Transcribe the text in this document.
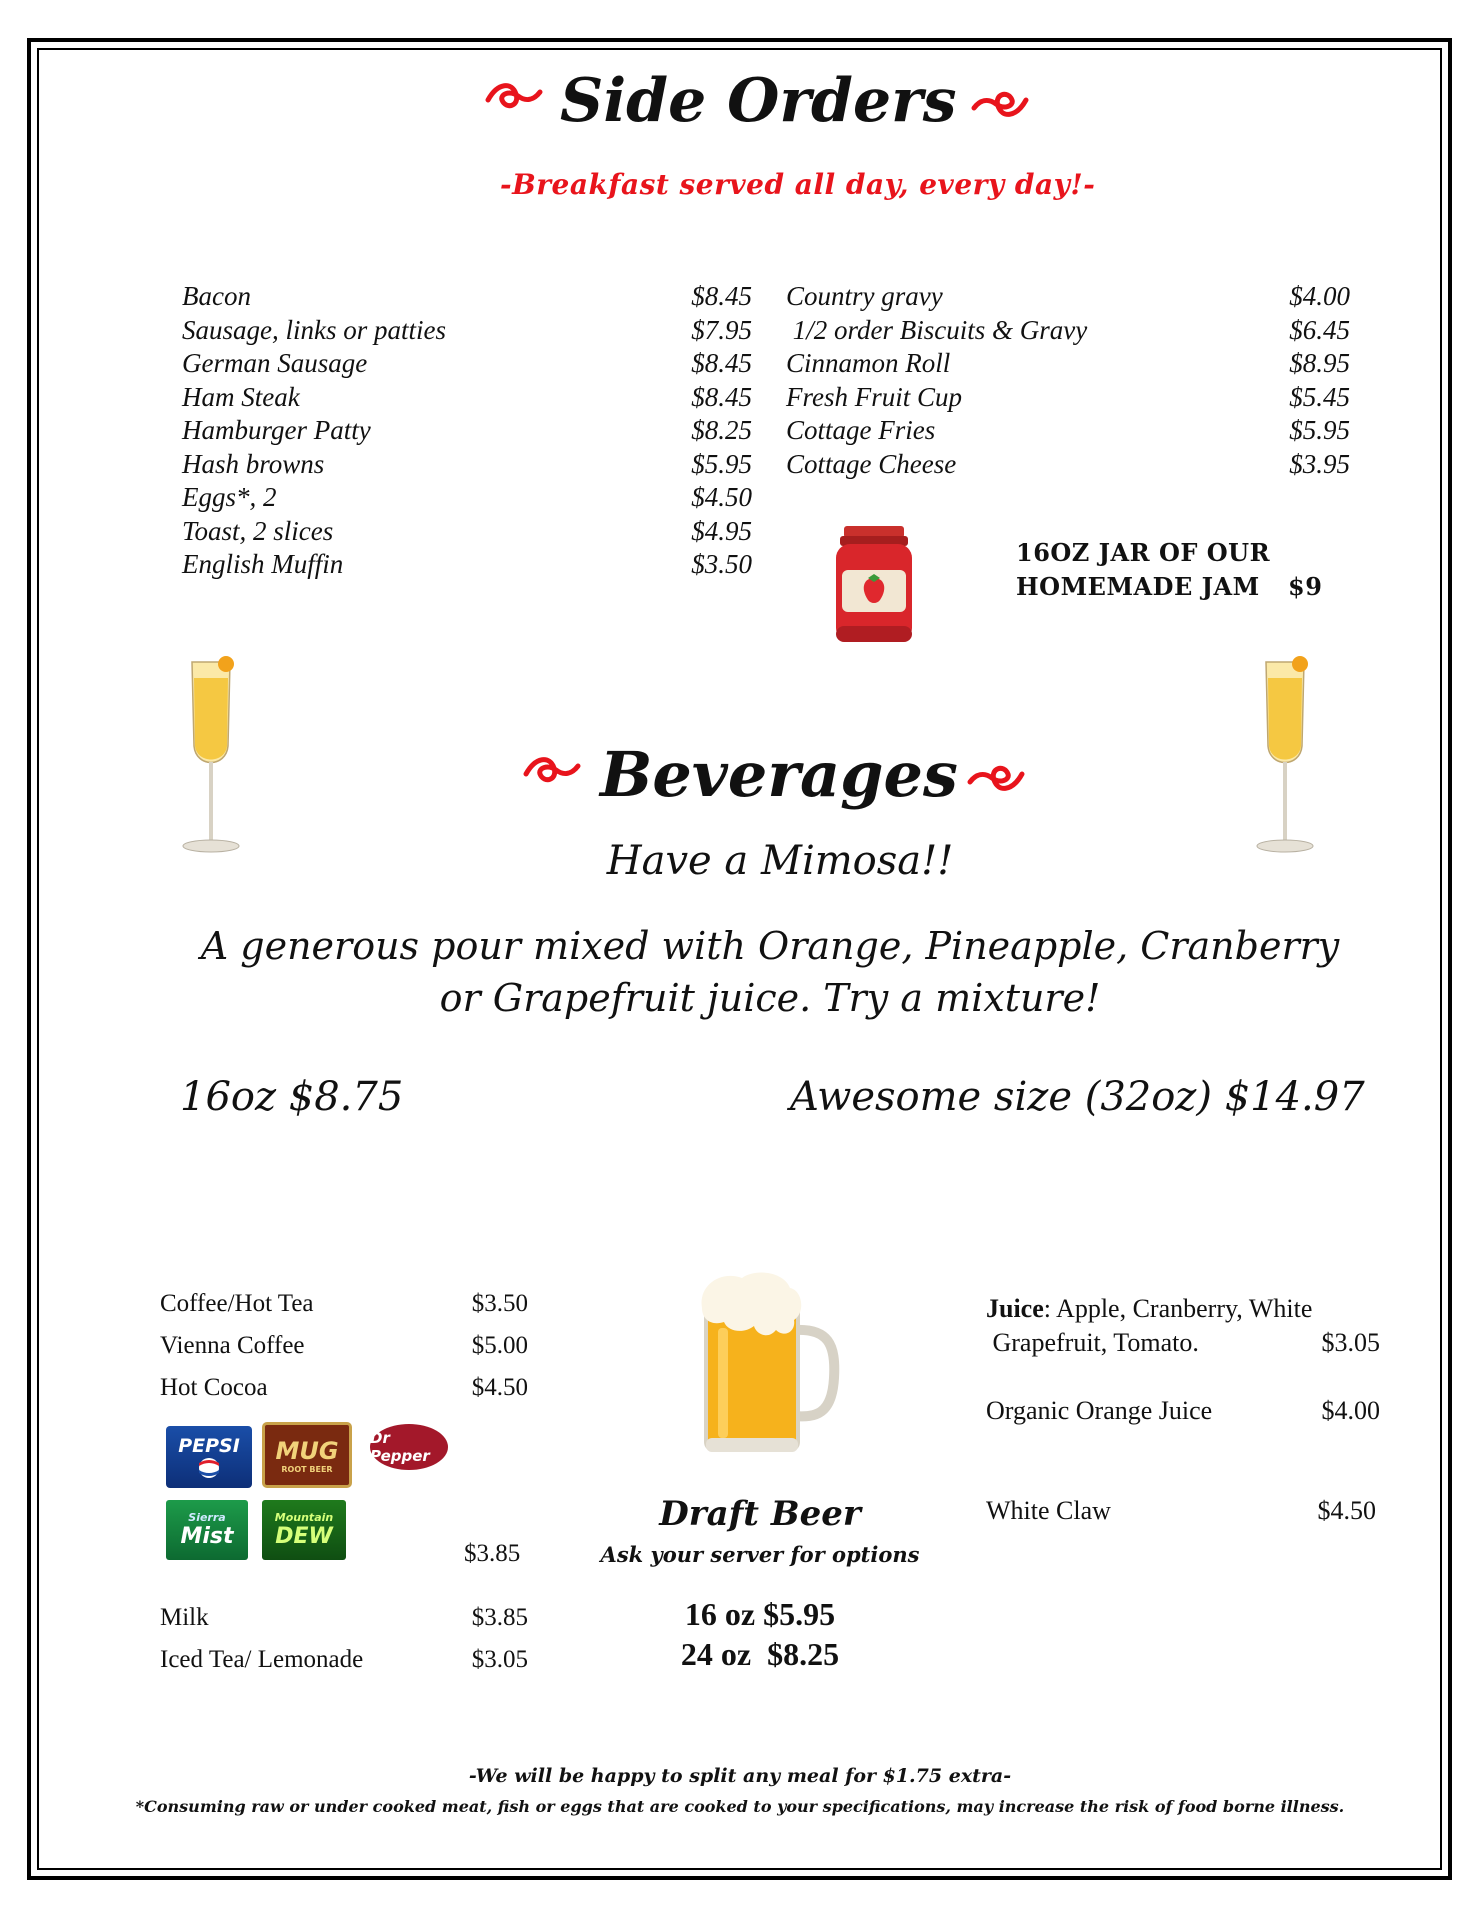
Side Orders
-Breakfast served all day, every day!-
Bacon	$8.45
Sausage, links or patties	$7.95
German Sausage	$8.45
Ham Steak	$8.45
Hamburger Patty	$8.25
Hash browns	$5.95
Eggs*, 2	$4.50
Toast, 2 slices	$4.95
English Muffin	$3.50
Country gravy	$4.00
1/2 order Biscuits & Gravy	$6.45
Cinnamon Roll	$8.95
Fresh Fruit Cup	$5.45
Cottage Fries	$5.95
Cottage Cheese	$3.95
16OZ JAR OF OUR
HOMEMADE JAM $9
Beverages
Have a Mimosa!!
A generous pour mixed with Orange, Pineapple, Cranberry
or Grapefruit juice. Try a mixture!
16oz $8.75	Awesome size (32oz) $14.97
Coffee/Hot Tea	$3.50
Vienna Coffee	$5.00
Hot Cocoa	$4.50
PEPSI MUG
ROOT BEER
Dr Pepper
Sierra
Mist
Mountain
DEW
$3.85
Milk	$3.85
Iced Tea/ Lemonade	$3.05
Draft Beer
Ask your server for options
16 oz $5.95
24 oz  $8.25
Juice: Apple, Cranberry, White
Grapefruit, Tomato.	$3.05
Organic Orange Juice	$4.00
White Claw	$4.50
-We will be happy to split any meal for $1.75 extra-
*Consuming raw or under cooked meat, fish or eggs that are cooked to your specifications, may increase the risk of food borne illness.
